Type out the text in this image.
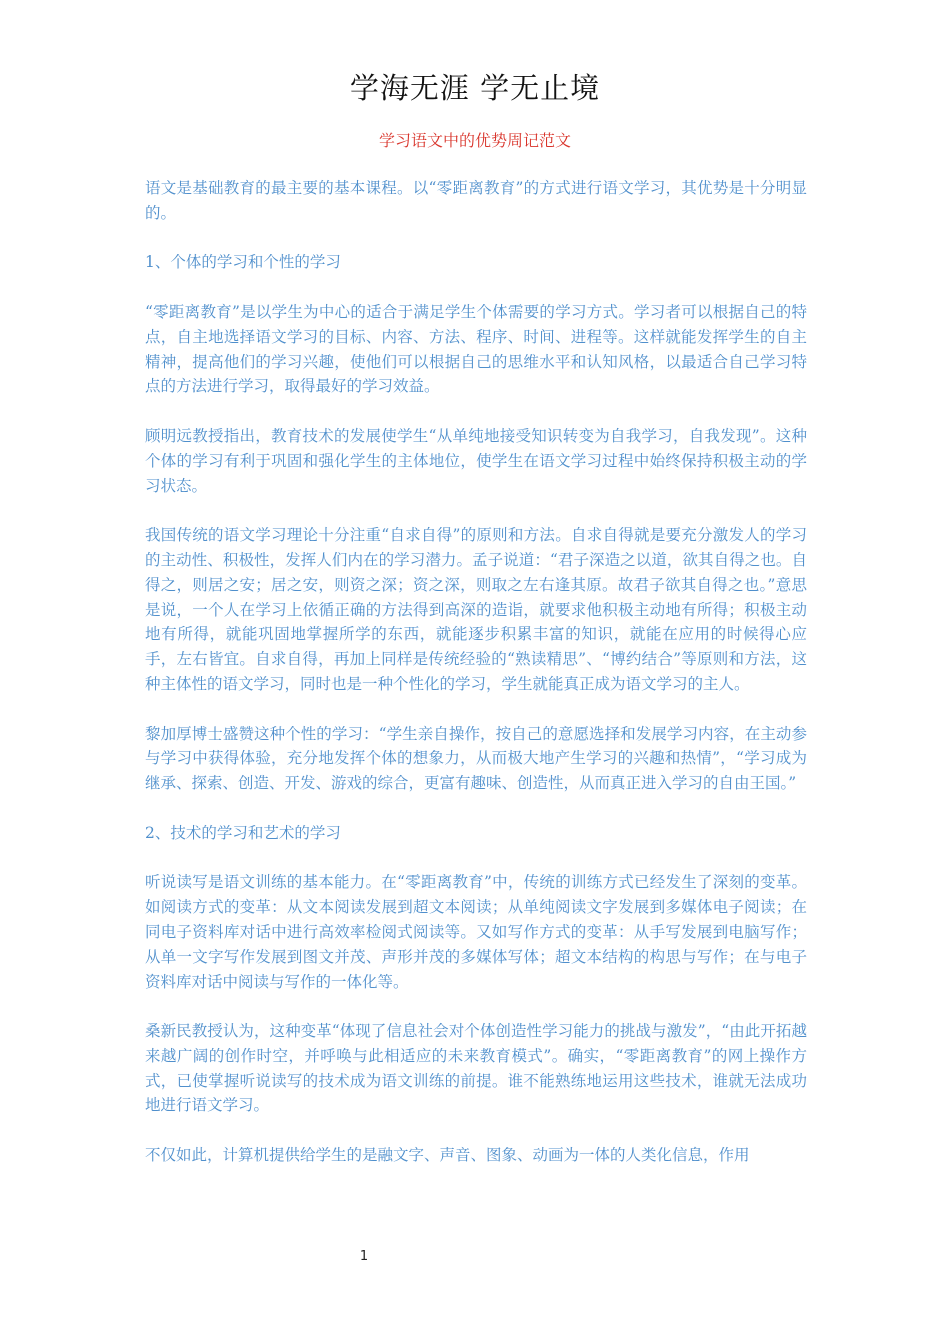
学海无涯 学无止境
学习语文中的优势周记范文

语文是基础教育的最主要的基本课程。以“零距离教育”的方式进行语文学习，其优势是十分明显的。

1、个体的学习和个性的学习

“零距离教育”是以学生为中心的适合于满足学生个体需要的学习方式。学习者可以根据自己的特点，自主地选择语文学习的目标、内容、方法、程序、时间、进程等。这样就能发挥学生的自主精神，提高他们的学习兴趣，使他们可以根据自己的思维水平和认知风格，以最适合自己学习特点的方法进行学习，取得最好的学习效益。

顾明远教授指出，教育技术的发展使学生“从单纯地接受知识转变为自我学习，自我发现”。这种个体的学习有利于巩固和强化学生的主体地位，使学生在语文学习过程中始终保持积极主动的学习状态。

我国传统的语文学习理论十分注重“自求自得”的原则和方法。自求自得就是要充分激发人的学习的主动性、积极性，发挥人们内在的学习潜力。孟子说道：“君子深造之以道，欲其自得之也。自得之，则居之安；居之安，则资之深；资之深，则取之左右逢其原。故君子欲其自得之也。”意思是说，一个人在学习上依循正确的方法得到高深的造诣，就要求他积极主动地有所得；积极主动地有所得，就能巩固地掌握所学的东西，就能逐步积累丰富的知识，就能在应用的时候得心应手，左右皆宜。自求自得，再加上同样是传统经验的“熟读精思”、“博约结合”等原则和方法，这种主体性的语文学习，同时也是一种个性化的学习，学生就能真正成为语文学习的主人。

黎加厚博士盛赞这种个性的学习：“学生亲自操作，按自己的意愿选择和发展学习内容，在主动参与学习中获得体验，充分地发挥个体的想象力，从而极大地产生学习的兴趣和热情”，“学习成为继承、探索、创造、开发、游戏的综合，更富有趣味、创造性，从而真正进入学习的自由王国。”

2、技术的学习和艺术的学习

听说读写是语文训练的基本能力。在“零距离教育”中，传统的训练方式已经发生了深刻的变革。如阅读方式的变革：从文本阅读发展到超文本阅读；从单纯阅读文字发展到多媒体电子阅读；在同电子资料库对话中进行高效率检阅式阅读等。又如写作方式的变革：从手写发展到电脑写作；从单一文字写作发展到图文并茂、声形并茂的多媒体写体；超文本结构的构思与写作；在与电子资料库对话中阅读与写作的一体化等。

桑新民教授认为，这种变革“体现了信息社会对个体创造性学习能力的挑战与激发”，“由此开拓越来越广阔的创作时空，并呼唤与此相适应的未来教育模式”。确实，“零距离教育”的网上操作方式，已使掌握听说读写的技术成为语文训练的前提。谁不能熟练地运用这些技术，谁就无法成功地进行语文学习。

不仅如此，计算机提供给学生的是融文字、声音、图象、动画为一体的人类化信息，作用

1
